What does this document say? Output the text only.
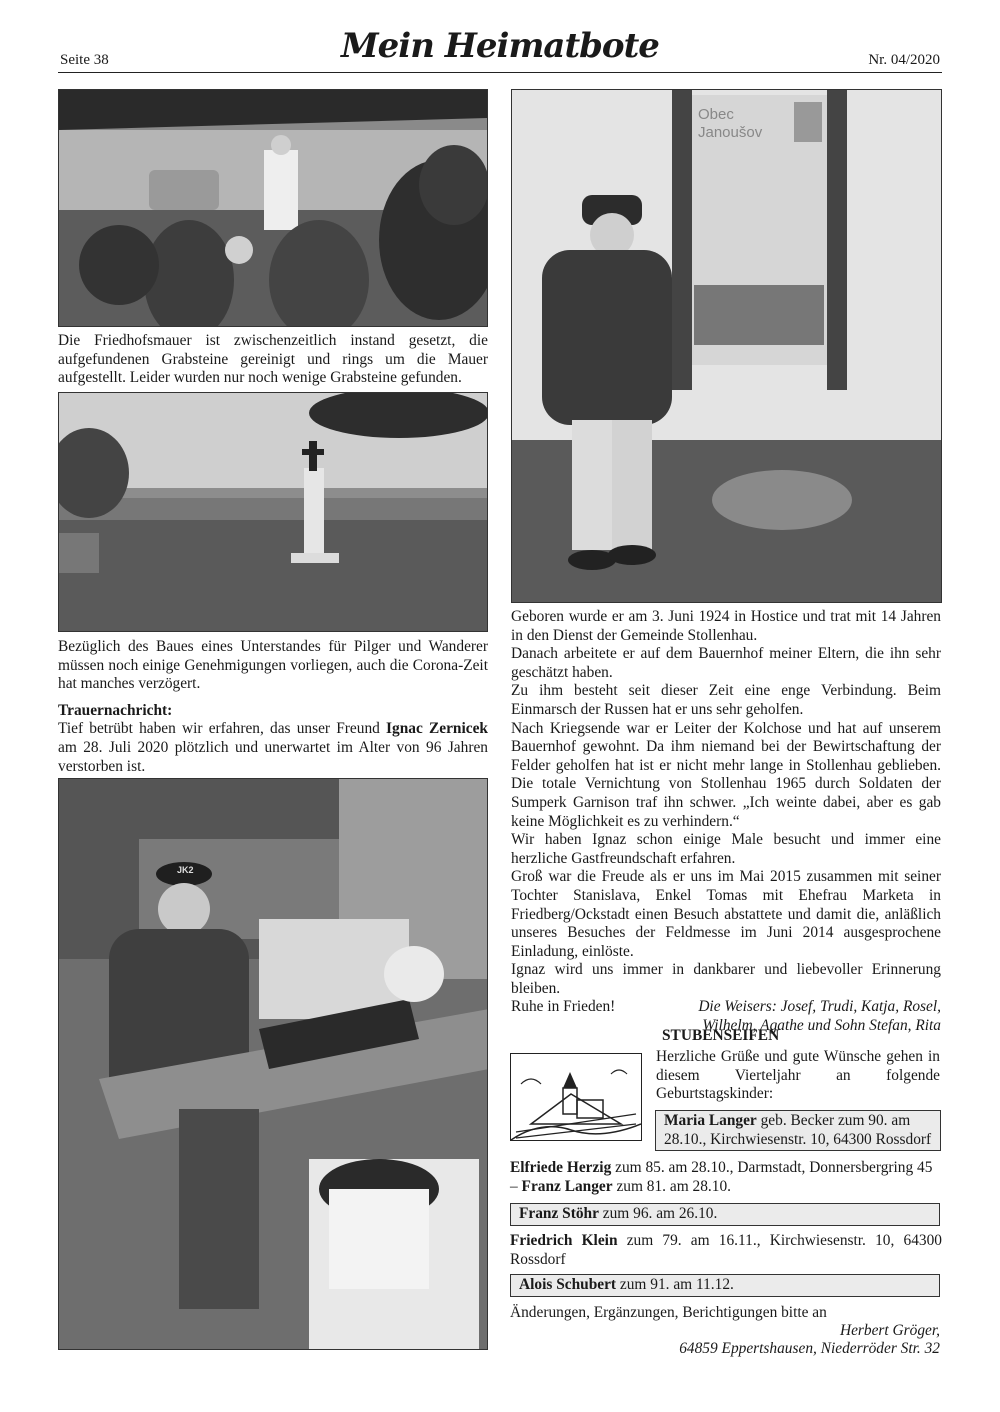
Seite 38	Mein Heimatbote	Nr. 04/2020

Die Friedhofsmauer ist zwischenzeitlich instand gesetzt, die aufgefundenen Grabsteine gereinigt und rings um die Mauer aufgestellt. Leider wurden nur noch wenige Grabsteine gefunden.

Bezüglich des Baues eines Unterstandes für Pilger und Wanderer müssen noch einige Genehmigungen vorliegen, auch die Corona-Zeit hat manches verzögert.

Trauernachricht:

Tief betrübt haben wir erfahren, das unser Freund Ignac Zernicek am 28. Juli 2020 plötzlich und unerwartet im Alter von 96 Jahren verstorben ist.

JK2
Obec
Janoušov

Geboren wurde er am 3. Juni 1924 in Hostice und trat mit 14 Jahren in den Dienst der Gemeinde Stollenhau.

Danach arbeitete er auf dem Bauernhof meiner Eltern, die ihn sehr geschätzt haben.

Zu ihm besteht seit dieser Zeit eine enge Verbindung. Beim Einmarsch der Russen hat er uns sehr geholfen.

Nach Kriegsende war er Leiter der Kolchose und hat auf unserem Bauernhof gewohnt. Da ihm niemand bei der Bewirtschaftung der Felder geholfen hat ist er nicht mehr lange in Stollenhau geblieben. Die totale Vernichtung von Stollenhau 1965 durch Soldaten der Sumperk Garnison traf ihn schwer. „Ich weinte dabei, aber es gab keine Möglichkeit es zu verhindern.“

Wir haben Ignaz schon einige Male besucht und immer eine herzliche Gastfreundschaft erfahren.

Groß war die Freude als er uns im Mai 2015 zusammen mit seiner Tochter Stanislava, Enkel Tomas mit Ehefrau Marketa in Friedberg/Ockstadt einen Besuch abstattete und damit die, anläßlich unseres Besuches der Feldmesse im Juni 2014 ausgesprochene Einladung, einlöste.

Ignaz wird uns immer in dankbarer und liebevoller Erinnerung bleiben.

Ruhe in Frieden!	Die Weisers: Josef, Trudi, Katja, Rosel,
Wilhelm, Agathe und Sohn Stefan, Rita
STUBENSEIFEN
Herzliche Grüße und gute Wünsche gehen in diesem Vierteljahr an folgende Geburtstagskinder:
Maria Langer geb. Becker zum 90. am
28.10., Kirchwiesenstr. 10, 64300 Rossdorf
Elfriede Herzig zum 85. am 28.10., Darmstadt, Donnersbergring 45
– Franz Langer zum 81. am 28.10.
Franz Stöhr zum 96. am 26.10.
Friedrich Klein zum 79. am 16.11., Kirchwiesenstr. 10, 64300 Rossdorf
Alois Schubert zum 91. am 11.12.
Änderungen, Ergänzungen, Berichtigungen bitte an
Herbert Gröger,
64859 Eppertshausen, Niederröder Str. 32
